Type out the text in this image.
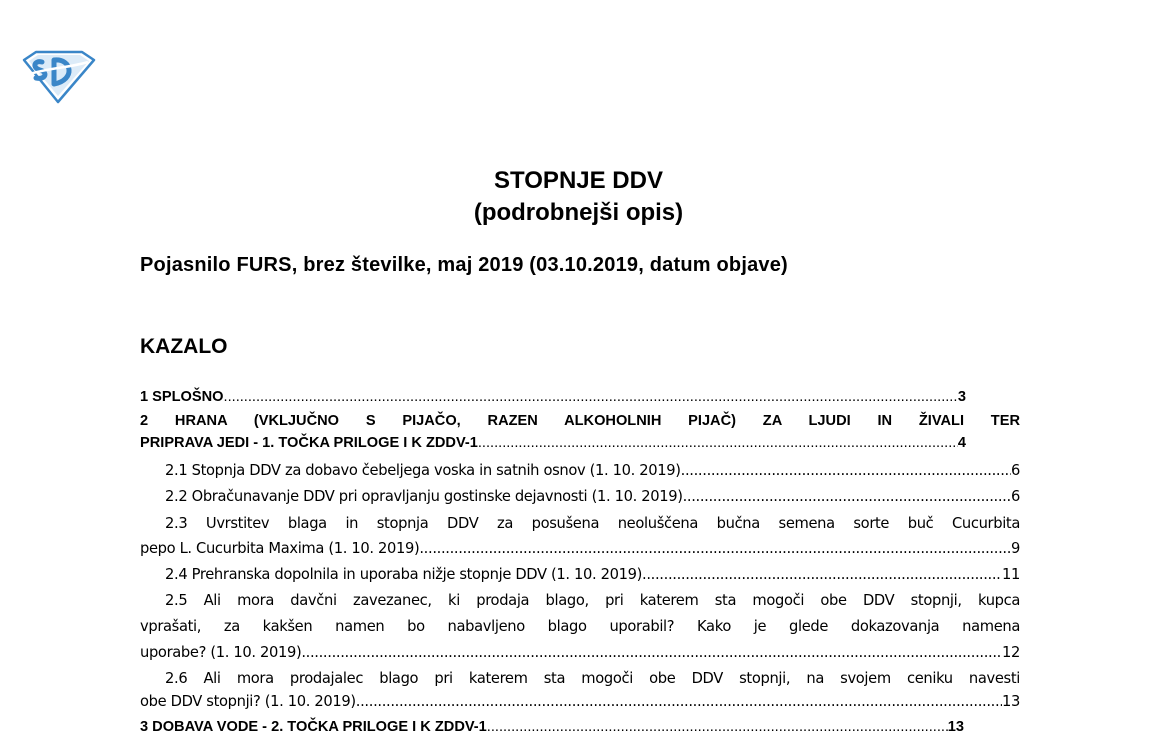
STOPNJE DDV
(podrobnejši opis)
Pojasnilo FURS, brez številke, maj 2019 (03.10.2019, datum objave)
KAZALO
1 SPLOŠNO .....	3
2 HRANA (VKLJUČNO S PIJAČO, RAZEN ALKOHOLNIH PIJAČ) ZA LJUDI IN ŽIVALI TER
PRIPRAVA JEDI - 1. TOČKA PRILOGE I K ZDDV-1 .....	4
2.1 Stopnja DDV za dobavo čebeljega voska in satnih osnov (1. 10. 2019) .....	6
2.2 Obračunavanje DDV pri opravljanju gostinske dejavnosti (1. 10. 2019) .....	6
2.3 Uvrstitev blaga in stopnja DDV za posušena neoluščena bučna semena sorte buč Cucurbita
pepo L. Cucurbita Maxima (1. 10. 2019) .....	9
2.4 Prehranska dopolnila in uporaba nižje stopnje DDV (1. 10. 2019) .....	11
2.5 Ali mora davčni zavezanec, ki prodaja blago, pri katerem sta mogoči obe DDV stopnji, kupca
vprašati, za kakšen namen bo nabavljeno blago uporabil? Kako je glede dokazovanja namena
uporabe? (1. 10. 2019) .....	12
2.6 Ali mora prodajalec blago pri katerem sta mogoči obe DDV stopnji, na svojem ceniku navesti
obe DDV stopnji? (1. 10. 2019) .....	13
3 DOBAVA VODE - 2. TOČKA PRILOGE I K ZDDV-1 .....	13
